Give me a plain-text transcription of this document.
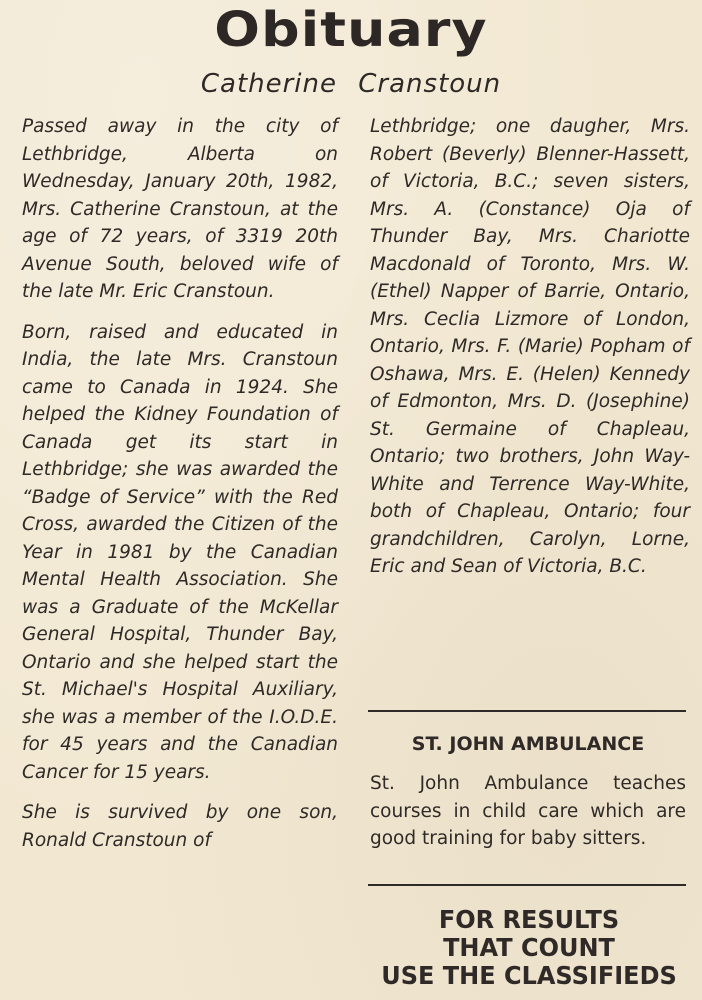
Obituary
Catherine Cranstoun

Passed away in the city of Lethbridge, Alberta on Wednesday, January 20th, 1982, Mrs. Catherine Cranstoun, at the age of 72 years, of 3319 20th Avenue South, beloved wife of the late Mr. Eric Cranstoun.

Born, raised and educated in India, the late Mrs. Cranstoun came to Canada in 1924. She helped the Kidney Foundation of Canada get its start in Lethbridge; she was awarded the “Badge of Service” with the Red Cross, awarded the Citizen of the Year in 1981 by the Canadian Mental Health Association. She was a Graduate of the McKellar General Hospital, Thunder Bay, Ontario and she helped start the St. Michael's Hospital Auxiliary, she was a member of the I.O.D.E. for 45 years and the Canadian Cancer for 15 years.

She is survived by one son, Ronald Cranstoun of

Lethbridge; one daugher, Mrs. Robert (Beverly) Blenner-Hassett, of Victoria, B.C.; seven sisters, Mrs. A. (Constance) Oja of Thunder Bay, Mrs. Chariotte Macdonald of Toronto, Mrs. W. (Ethel) Napper of Barrie, Ontario, Mrs. Ceclia Lizmore of London, Ontario, Mrs. F. (Marie) Popham of Oshawa, Mrs. E. (Helen) Kennedy of Edmonton, Mrs. D. (Josephine) St. Germaine of Chapleau, Ontario; two brothers, John Way-White and Terrence Way-White, both of Chapleau, Ontario; four grandchildren, Carolyn, Lorne, Eric and Sean of Victoria, B.C.

ST. JOHN AMBULANCE
St. John Ambulance teaches courses in child care which are good training for baby sitters.
FOR RESULTS
THAT COUNT
USE THE CLASSIFIEDS
